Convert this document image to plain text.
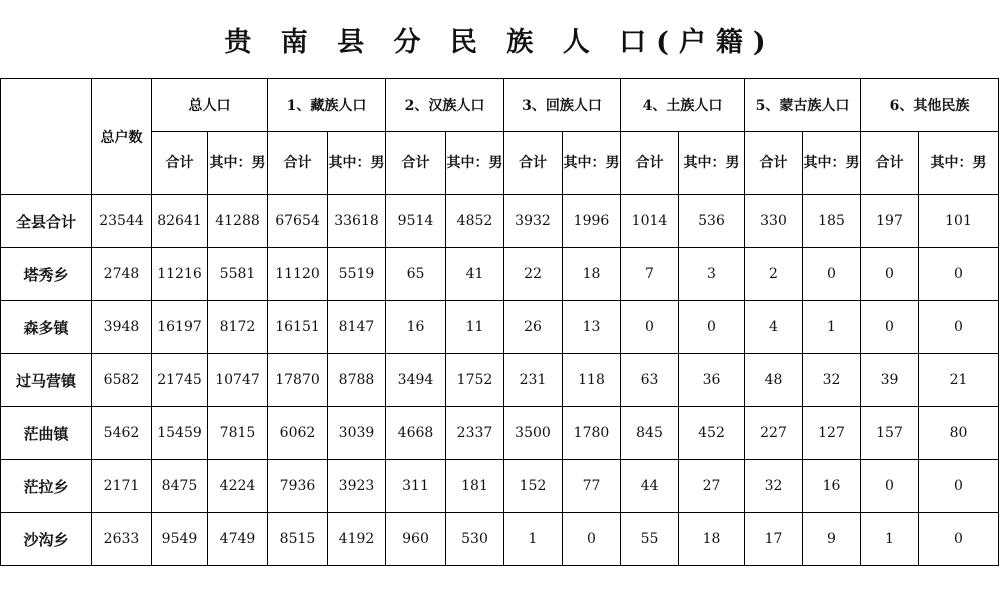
贵 南 县 分 民 族 人 口(户籍)
	总户数	总人口		1、藏族人口		2、汉族人口		3、回族人口		4、土族人口		5、蒙古族人口		6、其他民族	
		合计	其中：男	合计	其中：男	合计	其中：男	合计	其中：男	合计	其中：男	合计	其中：男	合计	其中：男
全县合计	23544	82641	41288	67654	33618	9514	4852	3932	1996	1014	536	330	185	197	101
塔秀乡	2748	11216	5581	11120	5519	65	41	22	18	7	3	2	0	0	0
森多镇	3948	16197	8172	16151	8147	16	11	26	13	0	0	4	1	0	0
过马营镇	6582	21745	10747	17870	8788	3494	1752	231	118	63	36	48	32	39	21
茫曲镇	5462	15459	7815	6062	3039	4668	2337	3500	1780	845	452	227	127	157	80
茫拉乡	2171	8475	4224	7936	3923	311	181	152	77	44	27	32	16	0	0
沙沟乡	2633	9549	4749	8515	4192	960	530	1	0	55	18	17	9	1	0
